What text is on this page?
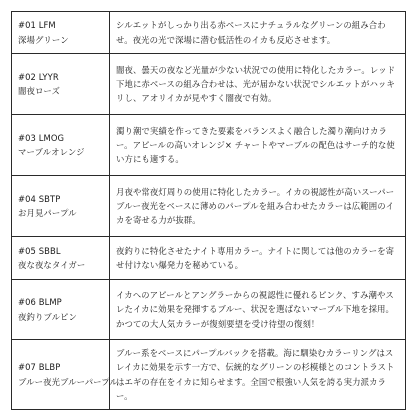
#01 LFM
深場グリーン	シルエットがしっかり出る赤ベースにナチュラルなグリーンの組み合わせ。夜光の光で深場に潜む低活性のイカも反応させます。

#02 LYYR
闇夜ローズ	闇夜、曇天の夜など光量が少ない状況での使用に特化したカラー。レッド下地に赤ベースの組み合わせは、光が届かない状況でシルエットがハッキリし、アオリイカが見やすく闇夜で有効。

#03 LMOG
マーブルオレンジ	濁り潮で実績を作ってきた要素をバランスよく融合した濁り潮向けカラー。アピールの高いオレンジ× チャートやマーブルの配色はサーチ的な使い方にも適する。

#04 SBTP
お月見パープル	月夜や常夜灯周りの使用に特化したカラー。イカの視認性が高いスーパーブルー夜光をベースに薄めのパープルを組み合わせたカラーは広範囲のイカを寄せる力が抜群。

#05 SBBL
夜な夜なタイガー	夜釣りに特化させたナイト専用カラー。ナイトに関しては他のカラーを寄せ付けない爆発力を秘めている。

#06 BLMP
夜釣りブルピン	イカへのアピールとアングラーからの視認性に優れるピンク、すみ潮やスレたイカに効果を発揮するブルー、状況を選ばないマーブル下地を採用。かつての大人気カラーが復刻要望を受け待望の復刻！

#07 BLBP
ブルー夜光ブルーパープル	ブルー系をベースにパープルバックを搭載。海に馴染むカラーリングはスレイカに効果を示す一方で、伝統的なグリーンの杉模様とのコントラストはエギの存在をイカに知らせます。全国で根強い人気を誇る実力派カラー。
